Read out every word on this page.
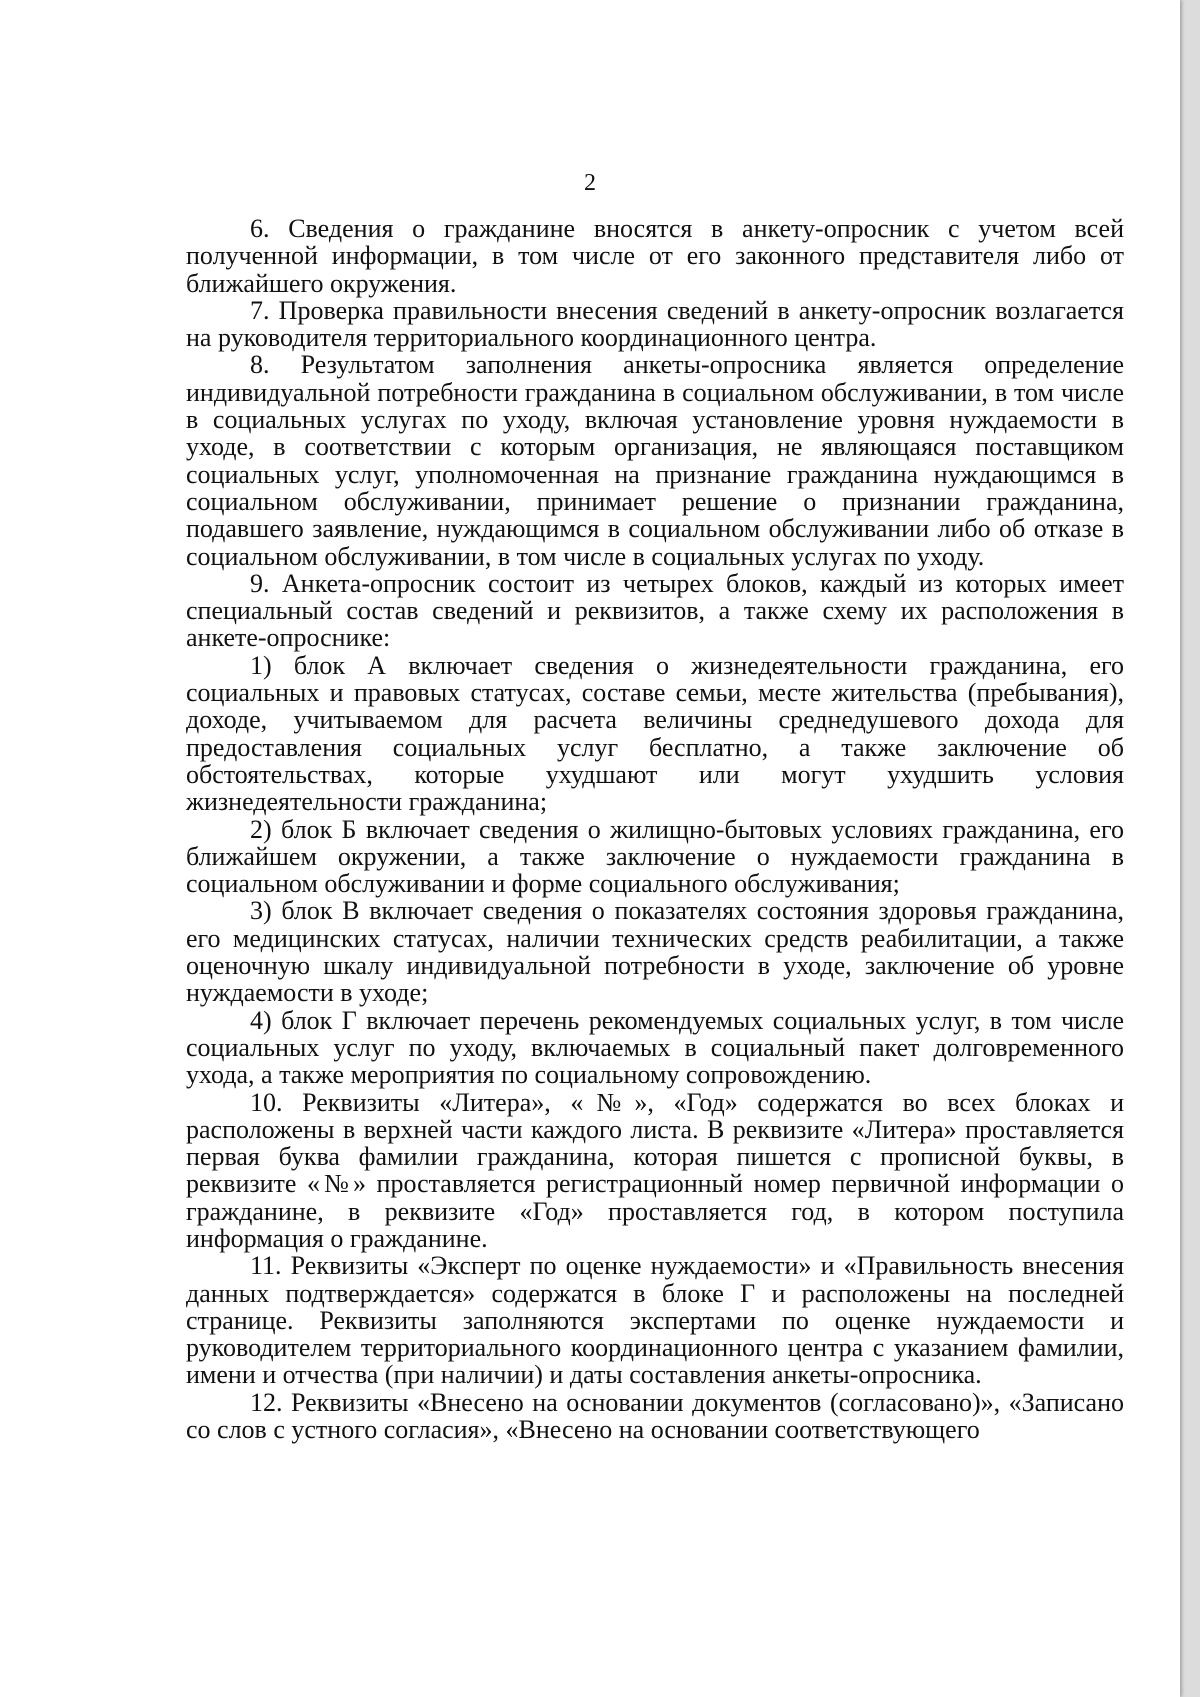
2

6. Сведения о гражданине вносятся в анкету-опросник с учетом всей полученной информации, в том числе от его законного представителя либо от ближайшего окружения.

7. Проверка правильности внесения сведений в анкету-опросник возлагается на руководителя территориального координационного центра.

8. Результатом заполнения анкеты-опросника является определение индивидуальной потребности гражданина в социальном обслуживании, в том числе в социальных услугах по уходу, включая установление уровня нуждаемости в уходе, в соответствии с которым организация, не являющаяся поставщиком социальных услуг, уполномоченная на признание гражданина нуждающимся в социальном обслуживании, принимает решение о признании гражданина, подавшего заявление, нуждающимся в социальном обслуживании либо об отказе в социальном обслуживании, в том числе в социальных услугах по уходу.

9. Анкета-опросник состоит из четырех блоков, каждый из которых имеет специальный состав сведений и реквизитов, а также схему их расположения в анкете-опроснике:

1) блок А включает сведения о жизнедеятельности гражданина, его социальных и правовых статусах, составе семьи, месте жительства (пребывания), доходе, учитываемом для расчета величины среднедушевого дохода для предоставления социальных услуг бесплатно, а также заключение об обстоятельствах, которые ухудшают или могут ухудшить условия жизнедеятельности гражданина;

2) блок Б включает сведения о жилищно-бытовых условиях гражданина, его ближайшем окружении, а также заключение о нуждаемости гражданина в социальном обслуживании и форме социального обслуживания;

3) блок В включает сведения о показателях состояния здоровья гражданина, его медицинских статусах, наличии технических средств реабилитации, а также оценочную шкалу индивидуальной потребности в уходе, заключение об уровне нуждаемости в уходе;

4) блок Г включает перечень рекомендуемых социальных услуг, в том числе социальных услуг по уходу, включаемых в социальный пакет долговременного ухода, а также мероприятия по социальному сопровождению.

10. Реквизиты «Литера», «№», «Год» содержатся во всех блоках и расположены в верхней части каждого листа. В реквизите «Литера» проставляется первая буква фамилии гражданина, которая пишется с прописной буквы, в реквизите «№» проставляется регистрационный номер первичной информации о гражданине, в реквизите «Год» проставляется год, в котором поступила информация о гражданине.

11. Реквизиты «Эксперт по оценке нуждаемости» и «Правильность внесения данных подтверждается» содержатся в блоке Г и расположены на последней странице. Реквизиты заполняются экспертами по оценке нуждаемости и руководителем территориального координационного центра с указанием фамилии, имени и отчества (при наличии) и даты составления анкеты-опросника.

12. Реквизиты «Внесено на основании документов (согласовано)», «Записано со слов с устного согласия», «Внесено на основании соответствующего
